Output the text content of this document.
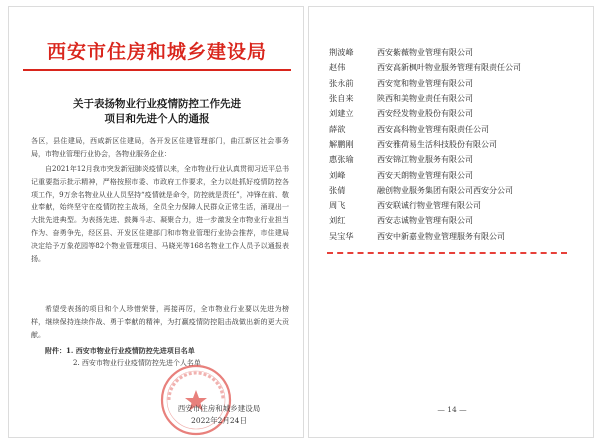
西安市住房和城乡建设局
关于表扬物业行业疫情防控工作先进
项目和先进个人的通报
各区，县住建局，西咸新区住建局，各开发区住建管理部门，曲江新区社会事务局，市物业管理行业协会，各物业服务企业：
自2021年12月我市突发新冠肺炎疫情以来，全市物业行业认真贯彻习近平总书记重要指示批示精神，严格按照市委、市政府工作要求，全力以赴抓好疫情防控各项工作，9万余名物业从业人员坚持“疫情就是命令，防控就是责任”，冲锋在前、敬业奉献，始终坚守在疫情防控主战场，全员全力保障人民群众正常生活，涌现出一大批先进典型。为表扬先进、鼓舞斗志、凝聚合力，进一步激发全市物业行业担当作为、奋勇争先，经区县、开发区住建部门和市物业管理行业协会推荐，市住建局决定给予万象花园等82个物业管理项目、马晓光等168名物业工作人员予以通报表扬。
希望受表扬的项目和个人珍惜荣誉，再接再厉，全市物业行业要以先进为榜样，继续保持连续作战、勇于奉献的精神，为打赢疫情防控阻击战做出新的更大贡献。
附件：1. 西安市物业行业疫情防控先进项目名单
2. 西安市物业行业疫情防控先进个人名单
西安市住房和城乡建设局
2022年2月24日
荆波峰	西安紫薇物业管理有限公司
赵伟	西安高新枫叶物业服务管理有限责任公司
张永前	西安宽和物业管理有限公司
张自来	陕西和美物业责任有限公司
刘建立	西安经发物业股份有限公司
薛欲	西安高科物业管理有限责任公司
解鹏刚	西安雅荷易生活科技股份有限公司
惠张瑜	西安锦江物业服务有限公司
刘峰	西安天朗物业管理有限公司
张倩	融创物业服务集团有限公司西安分公司
周飞	西安联诚行物业管理有限公司
刘红	西安志诚物业管理有限公司
吴宝华	西安中新嘉业物业管理服务有限公司
— 14 —
